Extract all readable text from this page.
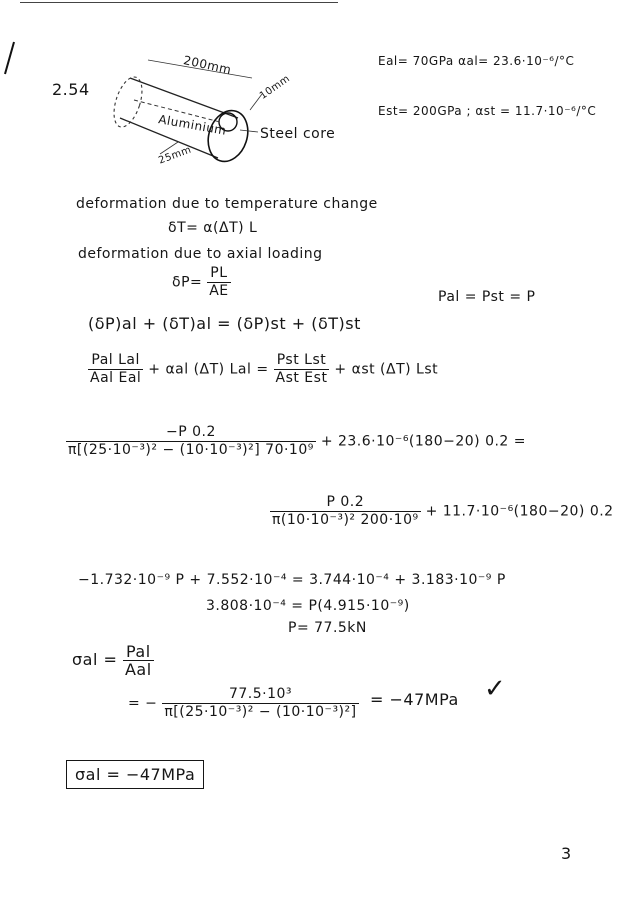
2.54
200mm
10mm
25mm
Aluminium Steel core
Eal= 70GPa αal= 23.6·10⁻⁶/°C
Est= 200GPa ; αst = 11.7·10⁻⁶/°C
deformation due to temperature change
δT= α(ΔT) L
deformation due to axial loading
$\delta P= \frac{PL}{AE}$	Pal = Pst = P
(δP)al + (δT)al = (δP)st + (δT)st
$\frac{\text{Pal Lal}}{\text{Aal Eal}} + \alpha al$ (ΔT) Lal = $\frac{\text{Pst Lst}}{\text{Ast Est}} + \alpha st$ (ΔT) Lst
$\frac{-P 0.2}{\text{π[(25·10⁻³)² − (10·10⁻³)²] 70·10⁹}} + 23.6\cdot 10^{-6}(180-20) 0.2$ =
$\frac{P 0.2}{\text{π(10·10⁻³)² 200·10⁹}} + 11.7\cdot 10^{-6}(180-20)$ 0.2
−1.732·10⁻⁹ P + 7.552·10⁻⁴ = 3.744·10⁻⁴ + 3.183·10⁻⁹ P
3.808·10⁻⁴ = P(4.915·10⁻⁹)
P= 77.5kN
$\sigma al = \frac{\text{Pal}}{\text{Aal}}$
= − $\frac{\text{77.5·10³}}{\text{π[(25·10⁻³)² − (10·10⁻³)²]}} = -47MPa$ ✓
σal = −47MPa
3
